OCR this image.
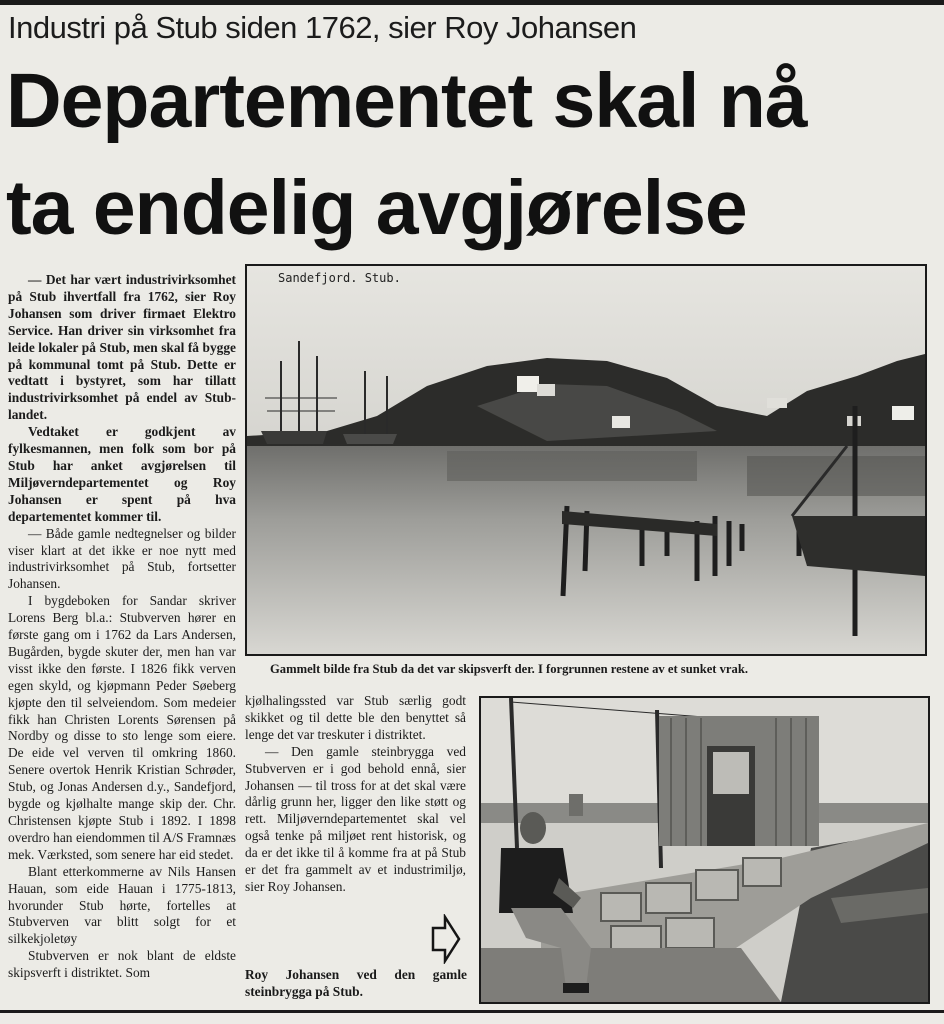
Industri på Stub siden 1762, sier Roy Johansen
Departementet skal nå
ta endelig avgjørelse

— Det har vært industrivirksomhet på Stub ihvertfall fra 1762, sier Roy Johansen som driver firmaet Elektro Service. Han driver sin virksomhet fra leide lokaler på Stub, men skal få bygge på kommunal tomt på Stub. Dette er vedtatt i bystyret, som har tillatt industrivirksomhet på endel av Stub-landet.

Vedtaket er godkjent av fylkesmannen, men folk som bor på Stub har anket avgjørelsen til Miljøverndepartementet og Roy Johansen er spent på hva departementet kommer til.

— Både gamle nedtegnelser og bilder viser klart at det ikke er noe nytt med industrivirksomhet på Stub, fortsetter Johansen.

I bygdeboken for Sandar skriver Lorens Berg bl.a.: Stubverven hører en første gang om i 1762 da Lars Andersen, Bugården, bygde skuter der, men han var visst ikke den første. I 1826 fikk verven egen skyld, og kjøpmann Peder Søeberg kjøpte den til selveiendom. Som medeier fikk han Christen Lorents Sørensen på Nordby og disse to sto lenge som eiere. De eide vel verven til omkring 1860. Senere overtok Henrik Kristian Schrøder, Stub, og Jonas Andersen d.y., Sandefjord, bygde og kjølhalte mange skip der. Chr. Christensen kjøpte Stub i 1892. I 1898 overdro han eiendommen til A/S Framnæs mek. Værksted, som senere har eid stedet.

Blant etterkommerne av Nils Hansen Hauan, som eide Hauan i 1775-1813, hvorunder Stub hørte, fortelles at Stubverven var blitt solgt for et silkekjoletøy

Stubverven er nok blant de eldste skipsverft i distriktet. Som

Sandefjord. Stub.
Gammelt bilde fra Stub da det var skipsverft der. I forgrunnen restene av et sunket vrak.

kjølhalingssted var Stub særlig godt skikket og til dette ble den benyttet så lenge det var treskuter i distriktet.

— Den gamle steinbrygga ved Stubverven er i god behold ennå, sier Johansen — til tross for at det skal være dårlig grunn her, ligger den like støtt og rett. Miljøverndepartementet skal vel også tenke på miljøet rent historisk, og da er det ikke til å komme fra at på Stub er det fra gammelt av et industrimiljø, sier Roy Johansen.

Roy Johansen ved den gamle steinbrygga på Stub.
